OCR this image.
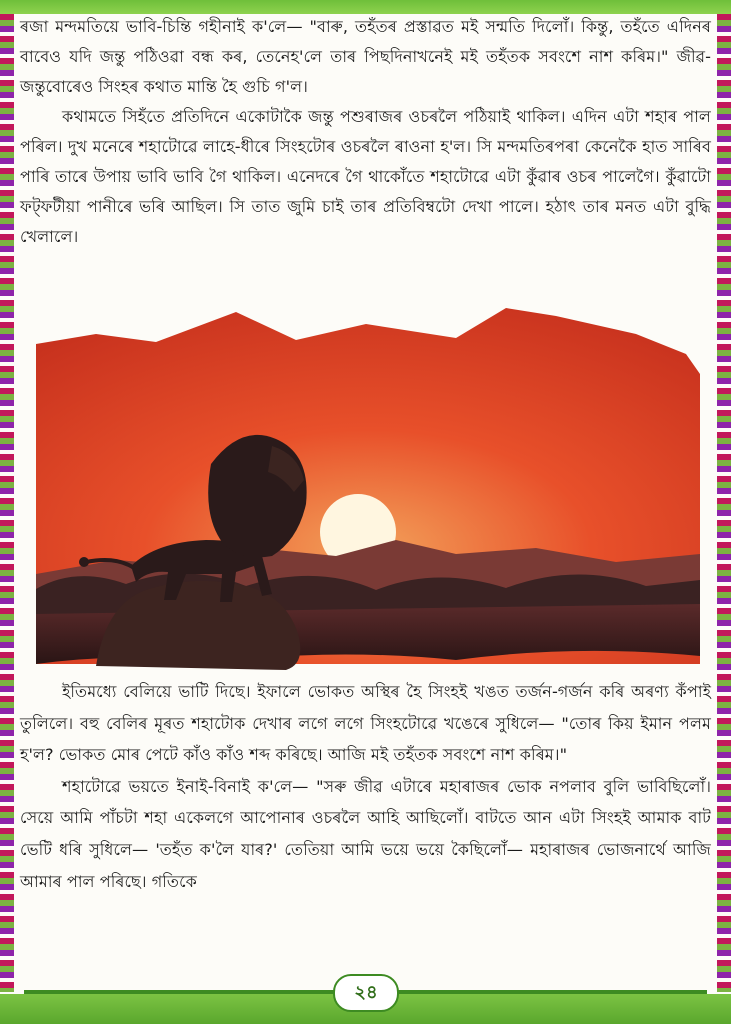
ৰজা মন্দমতিয়ে ভাবি-চিন্তি গহীনাই ক'লে— "বাৰু, তহঁতৰ প্ৰস্তাৱত মই সন্মতি দিলোঁ। কিন্তু, তহঁতে এদিনৰ বাবেও যদি জন্তু পঠিওৱা বন্ধ কৰ, তেনেহ'লে তাৰ পিছদিনাখনেই মই তহঁতক সবংশে নাশ কৰিম।" জীৱ-জন্তুবোৰেও সিংহৰ কথাত মান্তি হৈ গুচি গ'ল।

কথামতে সিহঁতে প্ৰতিদিনে একোটাকৈ জন্তু পশুৰাজৰ ওচৰলৈ পঠিয়াই থাকিল। এদিন এটা শহাৰ পাল পৰিল। দুখ মনেৰে শহাটোৱে লাহে-ধীৰে সিংহটোৰ ওচৰলৈ ৰাওনা হ'ল। সি মন্দমতিৰপৰা কেনেকৈ হাত সাৰিব পাৰি তাৰে উপায় ভাবি ভাবি গৈ থাকিল। এনেদৰে গৈ থাকোঁতে শহাটোৱে এটা কুঁৱাৰ ওচৰ পালেগৈ। কুঁৱাটো ফট্‌ফটীয়া পানীৰে ভৰি আছিল। সি তাত জুমি চাই তাৰ প্ৰতিবিম্বটো দেখা পালে। হঠাৎ তাৰ মনত এটা বুদ্ধি খেলালে।

ইতিমধ্যে বেলিয়ে ভাটি দিছে। ইফালে ভোকত অস্থিৰ হৈ সিংহই খঙত তৰ্জন-গৰ্জন কৰি অৰণ্য কঁপাই তুলিলে। বহু বেলিৰ মূৰত শহাটোক দেখাৰ লগে লগে সিংহটোৱে খঙেৰে সুধিলে— "তোৰ কিয় ইমান পলম হ'ল? ভোকত মোৰ পেটে কাঁও কাঁও শব্দ কৰিছে। আজি মই তহঁতক সবংশে নাশ কৰিম।"

শহাটোৱে ভয়তে ইনাই-বিনাই ক'লে— "সৰু জীৱ এটাৰে মহাৰাজৰ ভোক নপলাব বুলি ভাবিছিলোঁ। সেয়ে আমি পাঁচটা শহা একেলগে আপোনাৰ ওচৰলৈ আহি আছিলোঁ। বাটতে আন এটা সিংহই আমাক বাট ভেটি ধৰি সুধিলে— 'তহঁত ক'লৈ যাৰ?' তেতিয়া আমি ভয়ে ভয়ে কৈছিলোঁ— মহাৰাজৰ ভোজনাৰ্থে আজি আমাৰ পাল পৰিছে। গতিকে

২৪
